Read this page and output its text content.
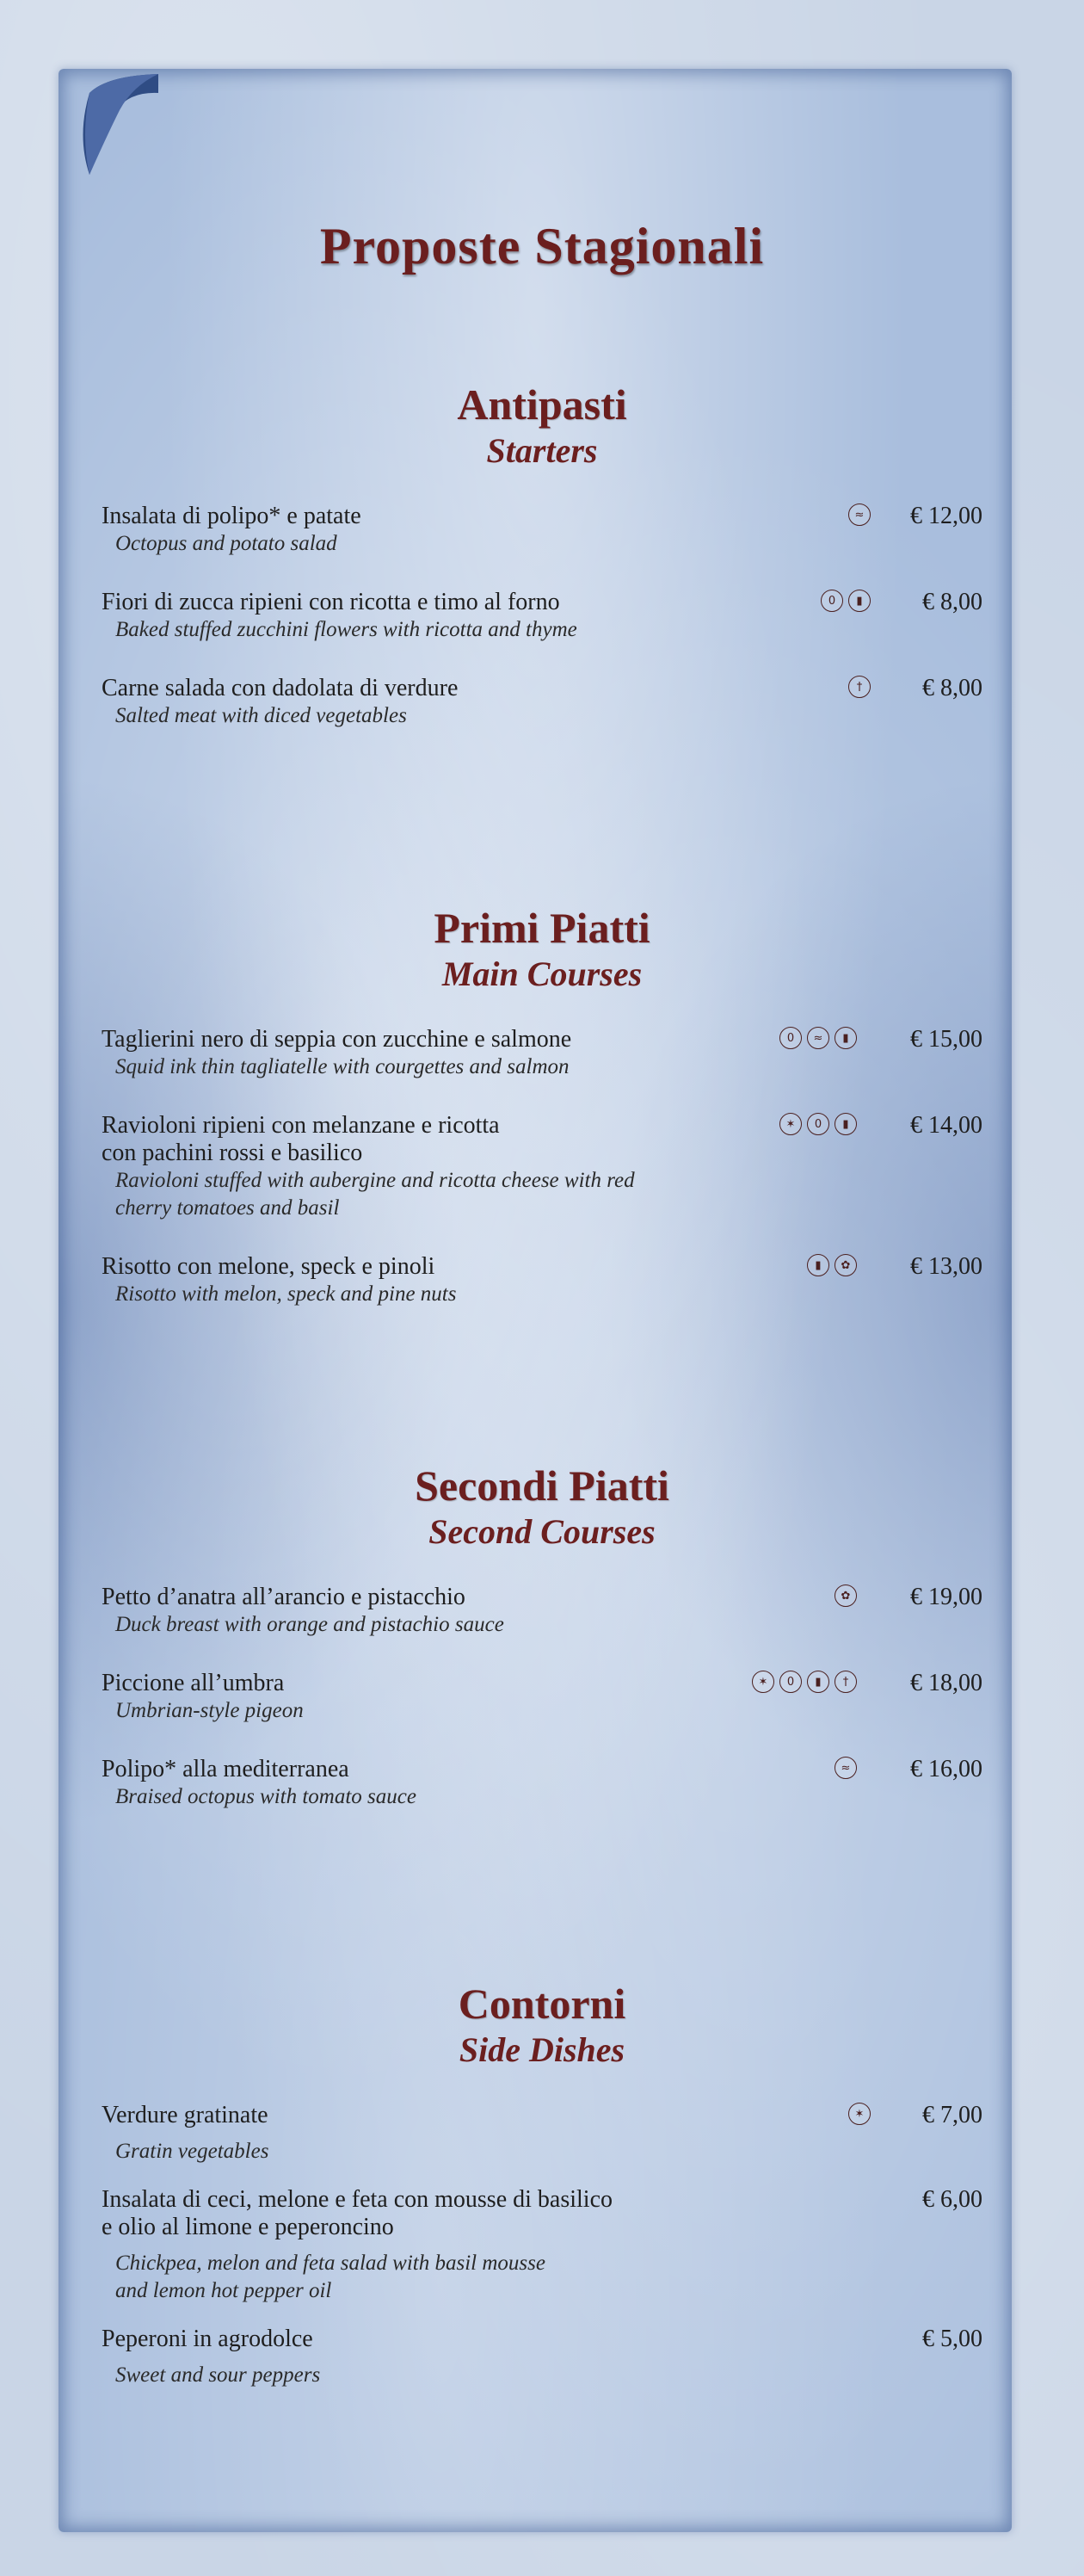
Proposte Stagionali
Antipasti
Starters
Insalata di polipo* e patate
Octopus and potato salad
≈ € 12,00
Fiori di zucca ripieni con ricotta e timo al forno
Baked stuffed zucchini flowers with ricotta and thyme
0	▮	€ 8,00
Carne salada con dadolata di verdure
Salted meat with diced vegetables
†	€ 8,00
Primi Piatti
Main Courses
Taglierini nero di seppia con zucchine e salmone
Squid ink thin tagliatelle with courgettes and salmon
0	≈	▮	€ 15,00
Ravioloni ripieni con melanzane e ricotta
con pachini rossi e basilico
Ravioloni stuffed with aubergine and ricotta cheese with red
cherry tomatoes and basil
✶	0	▮	€ 14,00
Risotto con melone, speck e pinoli
Risotto with melon, speck and pine nuts
▮	✿ € 13,00
Secondi Piatti
Second Courses
Petto d’anatra all’arancio e pistacchio
Duck breast with orange and pistachio sauce
✿ € 19,00
Piccione all’umbra
Umbrian-style pigeon
✶	0	▮	†	€ 18,00
Polipo* alla mediterranea
Braised octopus with tomato sauce
≈ € 16,00
Contorni
Side Dishes
Verdure gratinate
Gratin vegetables
✶ € 7,00
Insalata di ceci, melone e feta con mousse di basilico
e olio al limone e peperoncino
Chickpea, melon and feta salad with basil mousse
and lemon hot pepper oil
€ 6,00
Peperoni in agrodolce
Sweet and sour peppers
€ 5,00
